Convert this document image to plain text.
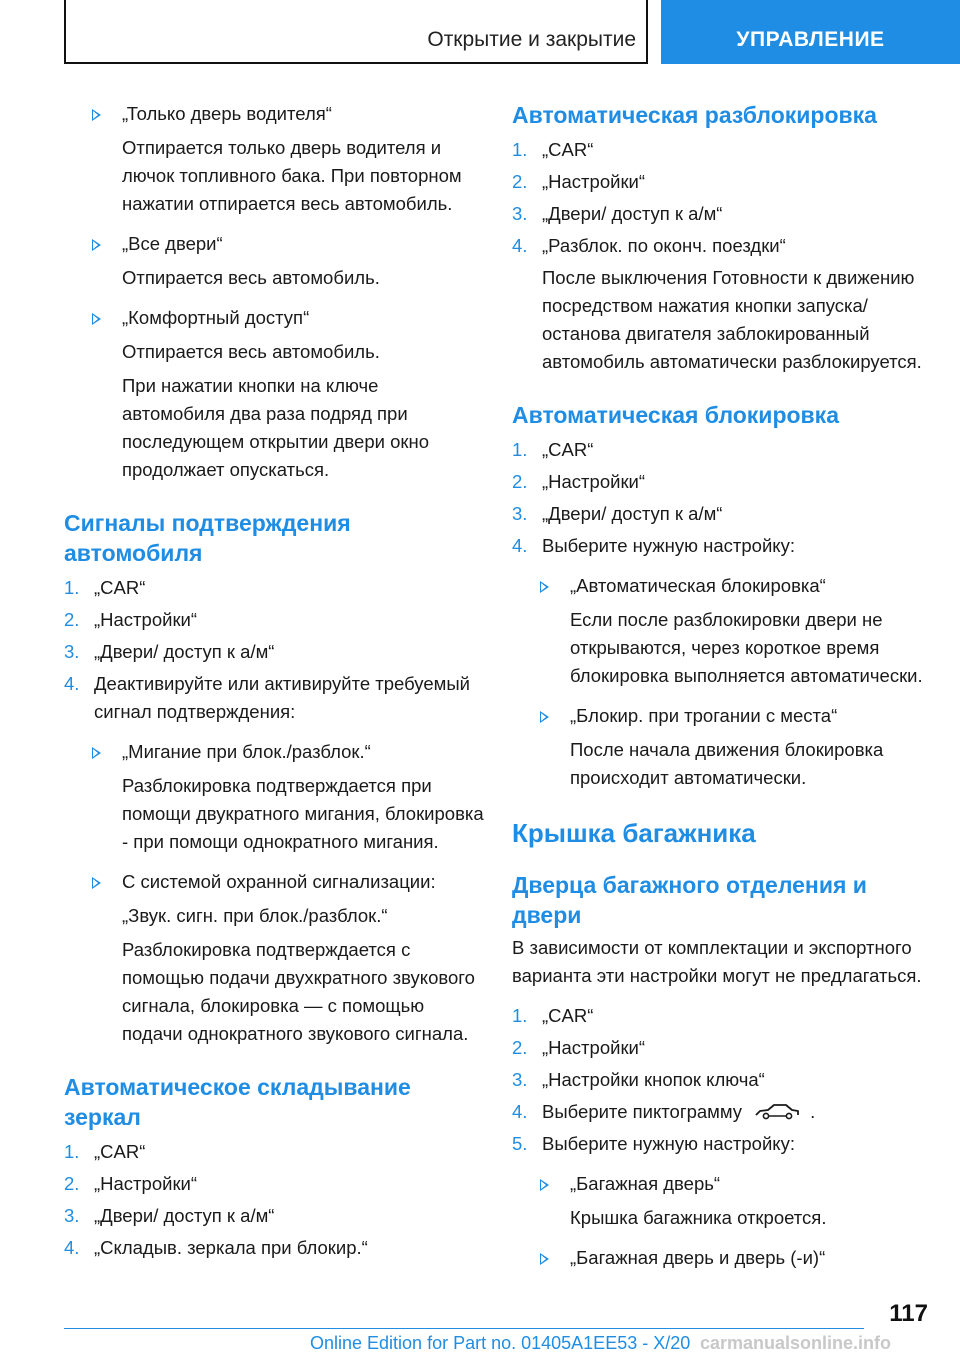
Открытие и закрытие	УПРАВЛЕНИЕ
„Только дверь водителя“
Отпирается только дверь водителя и лючок топливного бака. При повторном нажатии отпирается весь автомобиль.
„Все двери“
Отпирается весь автомобиль.
„Комфортный доступ“
Отпирается весь автомобиль.
При нажатии кнопки на ключе автомобиля два раза подряд при последующем открытии двери окно продолжает опускаться.
Сигналы подтверждения автомобиля
1. „CAR“
2. „Настройки“
3. „Двери/ доступ к а/м“
4. Деактивируйте или активируйте требуемый сигнал подтверждения:
„Мигание при блок./разблок.“
Разблокировка подтверждается при помощи двукратного мигания, блокировка - при помощи однократного мигания.
С системой охранной сигнализации:
„Звук. сигн. при блок./разблок.“
Разблокировка подтверждается с помощью подачи двухкратного звукового сигнала, блокировка — с помощью подачи однократного звукового сигнала.
Автоматическое складывание зеркал
1. „CAR“
2. „Настройки“
3. „Двери/ доступ к а/м“
4. „Складыв. зеркала при блокир.“
Автоматическая разблокировка
1. „CAR“
2. „Настройки“
3. „Двери/ доступ к а/м“
4. „Разблок. по оконч. поездки“
После выключения Готовности к движению посредством нажатия кнопки запуска/ останова двигателя заблокированный автомобиль автоматически разблокируется.
Автоматическая блокировка
1. „CAR“
2. „Настройки“
3. „Двери/ доступ к а/м“
4. Выберите нужную настройку:
„Автоматическая блокировка“
Если после разблокировки двери не открываются, через короткое время блокировка выполняется автоматически.
„Блокир. при трогании с места“
После начала движения блокировка происходит автоматически.
Крышка багажника
Дверца багажного отделения и двери
В зависимости от комплектации и экспортного варианта эти настройки могут не предлагаться.
1. „CAR“
2. „Настройки“
3. „Настройки кнопок ключа“
4. Выберите пиктограмму	.
5. Выберите нужную настройку:
„Багажная дверь“
Крышка багажника откроется.
„Багажная дверь и дверь (-и)“
117
Online Edition for Part no. 01405A1EE53 - X/20 carmanualsonline.info
